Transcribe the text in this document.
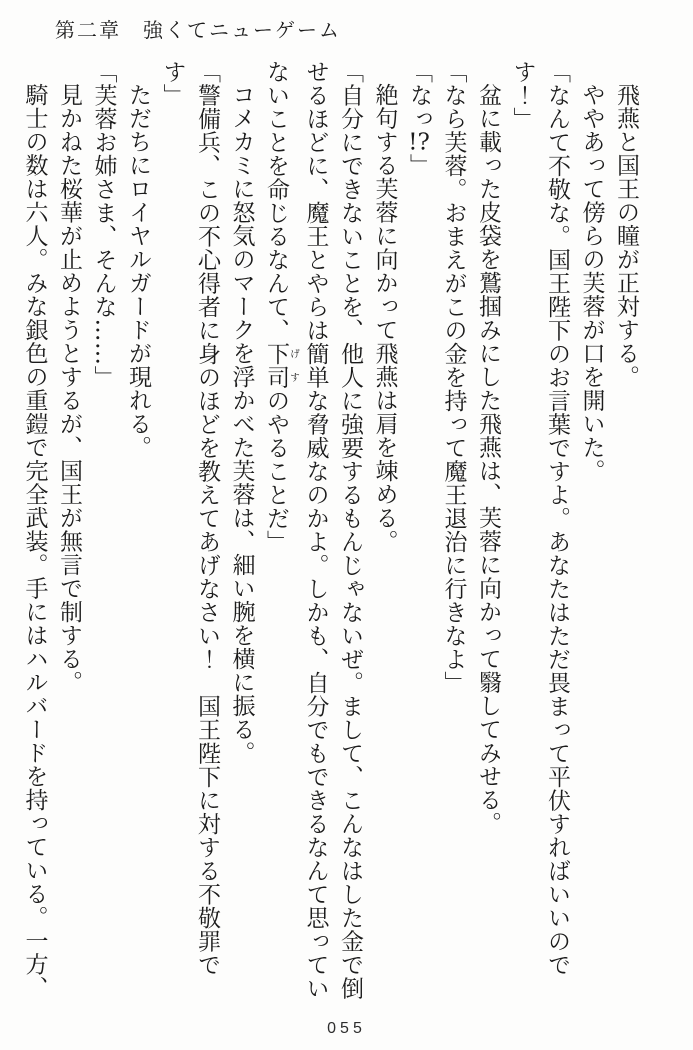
第二章　強くてニューゲーム

飛燕と国王の瞳が正対する。

ややあって傍らの芙蓉が口を開いた。

「なんて不敬な。国王陛下のお言葉ですよ。あなたはただ畏まって平伏すればいいので

す！」

盆に載った皮袋を鷲掴みにした飛燕は、芙蓉に向かって翳してみせる。

「なら芙蓉。おまえがこの金を持って魔王退治に行きなよ」

「なっ!?」

絶句する芙蓉に向かって飛燕は肩を竦める。

「自分にできないことを、他人に強要するもんじゃないぜ。まして、こんなはした金で倒

せるほどに、魔王とやらは簡単な脅威なのかよ。しかも、自分でもできるなんて思ってい

ないことを命じるなんて、下司げすのやることだ」

コメカミに怒気のマークを浮かべた芙蓉は、細い腕を横に振る。

「警備兵、この不心得者に身のほどを教えてあげなさい！　国王陛下に対する不敬罪です」

ただちにロイヤルガードが現れる。

「芙蓉お姉さま、そんな……」

見かねた桜華が止めようとするが、国王が無言で制する。

騎士の数は六人。みな銀色の重鎧で完全武装。手にはハルバードを持っている。一方、

055
